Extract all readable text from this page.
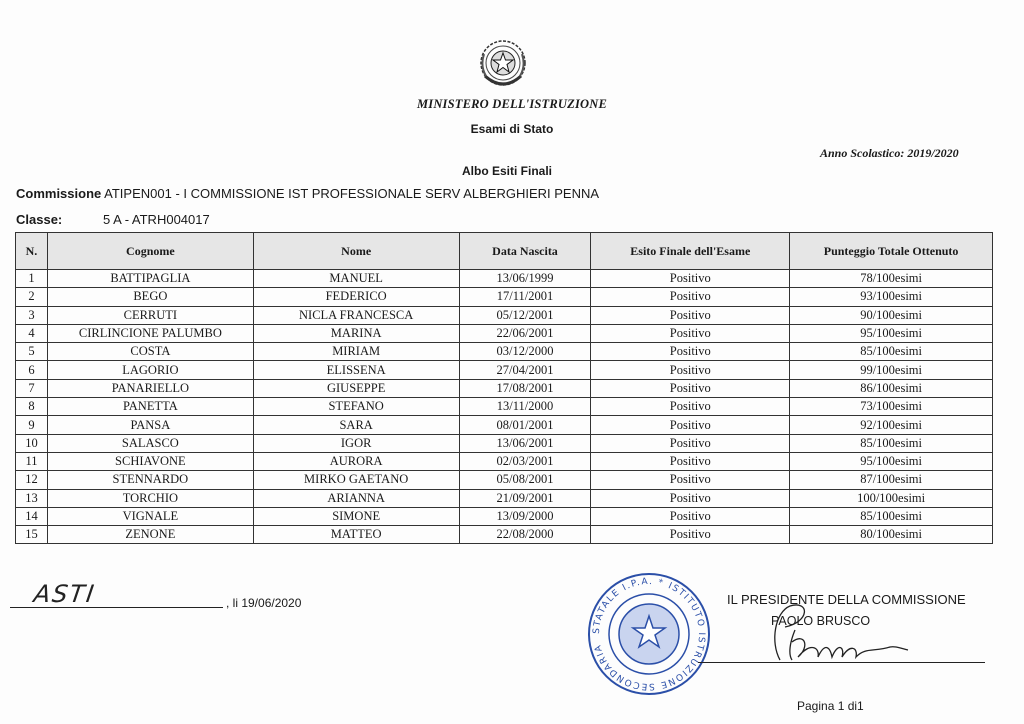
MINISTERO DELL'ISTRUZIONE
Esami di Stato
Anno Scolastico: 2019/2020
Albo Esiti Finali
Commissione ATIPEN001 - I COMMISSIONE IST PROFESSIONALE SERV ALBERGHIERI PENNA
Classe:	5 A - ATRH004017
N.	Cognome	Nome	Data Nascita	Esito Finale dell'Esame	Punteggio Totale Ottenuto
1	BATTIPAGLIA	MANUEL	13/06/1999	Positivo	78/100esimi
2	BEGO	FEDERICO	17/11/2001	Positivo	93/100esimi
3	CERRUTI	NICLA FRANCESCA	05/12/2001	Positivo	90/100esimi
4	CIRLINCIONE PALUMBO	MARINA	22/06/2001	Positivo	95/100esimi
5	COSTA	MIRIAM	03/12/2000	Positivo	85/100esimi
6	LAGORIO	ELISSENA	27/04/2001	Positivo	99/100esimi
7	PANARIELLO	GIUSEPPE	17/08/2001	Positivo	86/100esimi
8	PANETTA	STEFANO	13/11/2000	Positivo	73/100esimi
9	PANSA	SARA	08/01/2001	Positivo	92/100esimi
10	SALASCO	IGOR	13/06/2001	Positivo	85/100esimi
11	SCHIAVONE	AURORA	02/03/2001	Positivo	95/100esimi
12	STENNARDO	MIRKO GAETANO	05/08/2001	Positivo	87/100esimi
13	TORCHIO	ARIANNA	21/09/2001	Positivo	100/100esimi
14	VIGNALE	SIMONE	13/09/2000	Positivo	85/100esimi
15	ZENONE	MATTEO	22/08/2000	Positivo	80/100esimi
ASTI	, li 19/06/2020
STATALE I.P.A. * ISTITUTO ISTRUZIONE SECONDARIA
IL PRESIDENTE DELLA COMMISSIONE
PAOLO BRUSCO
Pagina 1 di1
